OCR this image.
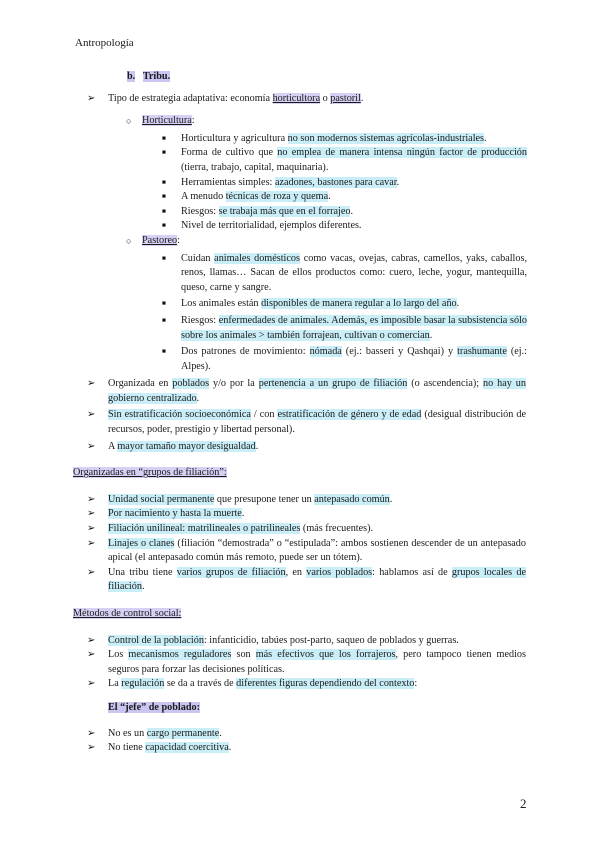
Antropología
b. Tribu.
➢ Tipo de estrategia adaptativa: economía horticultora o pastoril.
○ Horticultura:
■ Horticultura y agricultura no son modernos sistemas agrícolas-industriales.
■ Forma de cultivo que no emplea de manera intensa ningún factor de producción (tierra, trabajo, capital, maquinaria).
■ Herramientas simples: azadones, bastones para cavar.
■ A menudo técnicas de roza y quema.
■ Riesgos: se trabaja más que en el forrajeo.
■ Nivel de territorialidad, ejemplos diferentes.
○ Pastoreo:
■ Cuidan animales domésticos como vacas, ovejas, cabras, camellos, yaks, caballos, renos, llamas… Sacan de ellos productos como: cuero, leche, yogur, mantequilla, queso, carne y sangre.
■ Los animales están disponibles de manera regular a lo largo del año.
■ Riesgos: enfermedades de animales. Además, es imposible basar la subsistencia sólo sobre los animales > también forrajean, cultivan o comercian.
■ Dos patrones de movimiento: nómada (ej.: basseri y Qashqai) y trashumante (ej.: Alpes).
➢ Organizada en poblados y/o por la pertenencia a un grupo de filiación (o ascendencia); no hay un gobierno centralizado.
➢ Sin estratificación socioeconómica / con estratificación de género y de edad (desigual distribución de recursos, poder, prestigio y libertad personal).
➢ A mayor tamaño mayor desigualdad.
Organizadas en “grupos de filiación”:
➢ Unidad social permanente que presupone tener un antepasado común.
➢ Por nacimiento y hasta la muerte.
➢ Filiación unilineal: matrilineales o patrilineales (más frecuentes).
➢ Linajes o clanes (filiación “demostrada” o “estipulada”: ambos sostienen descender de un antepasado apical (el antepasado común más remoto, puede ser un tótem).
➢ Una tribu tiene varios grupos de filiación, en varios poblados: hablamos así de grupos locales de filiación.
Métodos de control social:
➢ Control de la población: infanticidio, tabúes post-parto, saqueo de poblados y guerras.
➢ Los mecanismos reguladores son más efectivos que los forrajeros, pero tampoco tienen medios seguros para forzar las decisiones políticas.
➢ La regulación se da a través de diferentes figuras dependiendo del contexto:
El “jefe” de poblado:
➢ No es un cargo permanente.
➢ No tiene capacidad coercitiva.
2
